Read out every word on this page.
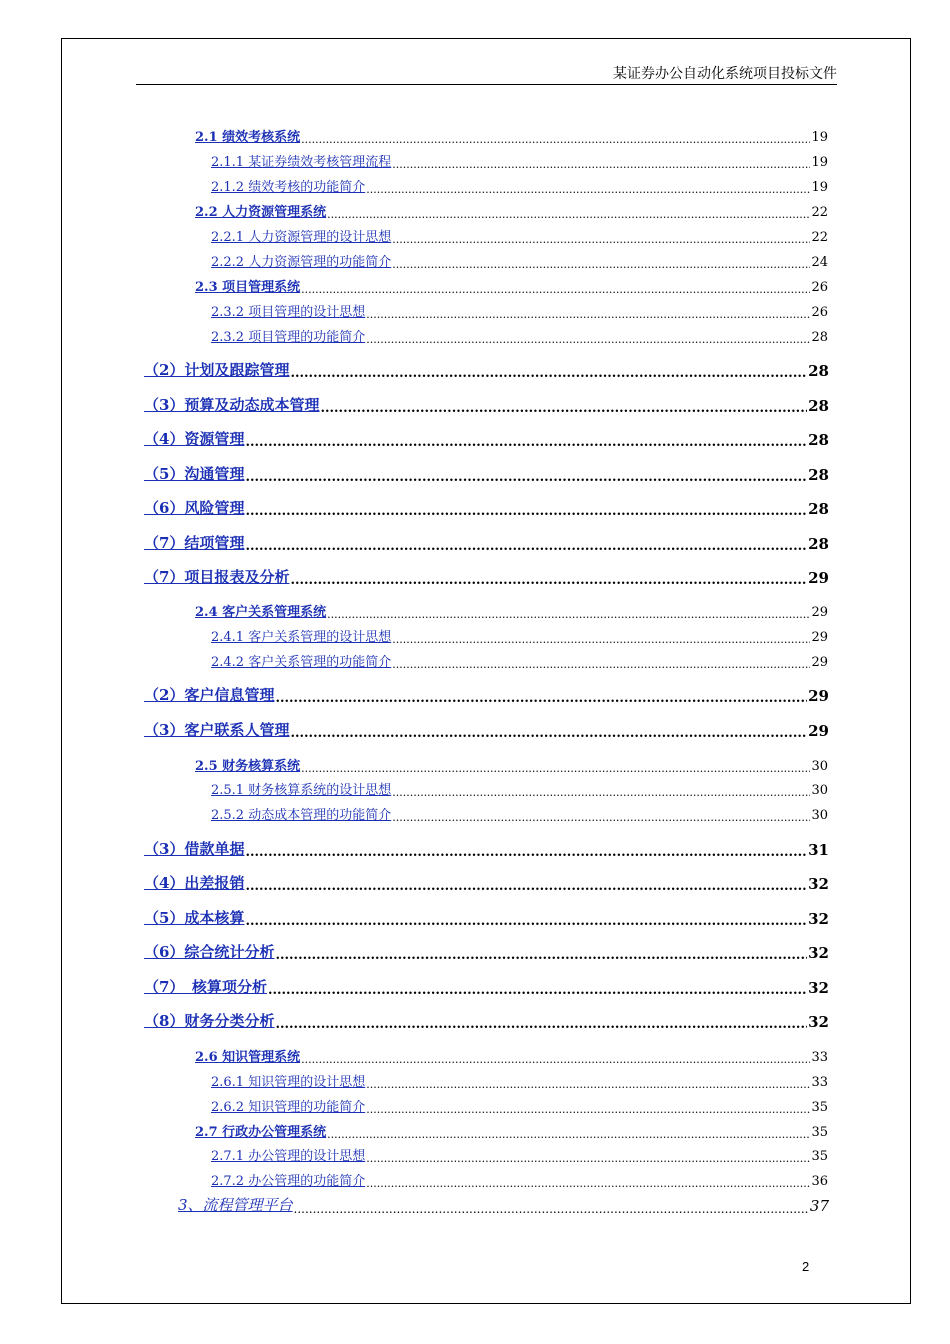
某证券办公自动化系统项目投标文件
2.1 绩效考核系统 .....	19
2.1.1 某证券绩效考核管理流程 .....	19
2.1.2 绩效考核的功能简介 .....	19
2.2 人力资源管理系统 .....	22
2.2.1 人力资源管理的设计思想 .....	22
2.2.2 人力资源管理的功能简介 .....	24
2.3 项目管理系统 .....	26
2.3.2 项目管理的设计思想 .....	26
2.3.2 项目管理的功能简介 .....	28
（2）计划及跟踪管理 .....	28
（3）预算及动态成本管理 .....	28
（4）资源管理 .....	28
（5）沟通管理 .....	28
（6）风险管理 .....	28
（7）结项管理 .....	28
（7）项目报表及分析 .....	29
2.4 客户关系管理系统 .....	29
2.4.1 客户关系管理的设计思想 .....	29
2.4.2 客户关系管理的功能简介 .....	29
（2）客户信息管理 .....	29
（3）客户联系人管理 .....	29
2.5 财务核算系统 .....	30
2.5.1 财务核算系统的设计思想 .....	30
2.5.2 动态成本管理的功能简介 .....	30
（3）借款单据 .....	31
（4）出差报销 .....	32
（5）成本核算 .....	32
（6）综合统计分析 .....	32
（7）　核算项分析 .....	32
（8）财务分类分析 .....	32
2.6 知识管理系统 .....	33
2.6.1 知识管理的设计思想 .....	33
2.6.2 知识管理的功能简介 .....	35
2.7 行政办公管理系统 .....	35
2.7.1 办公管理的设计思想 .....	35
2.7.2 办公管理的功能简介 .....	36
3、流程管理平台 .....	37
2
